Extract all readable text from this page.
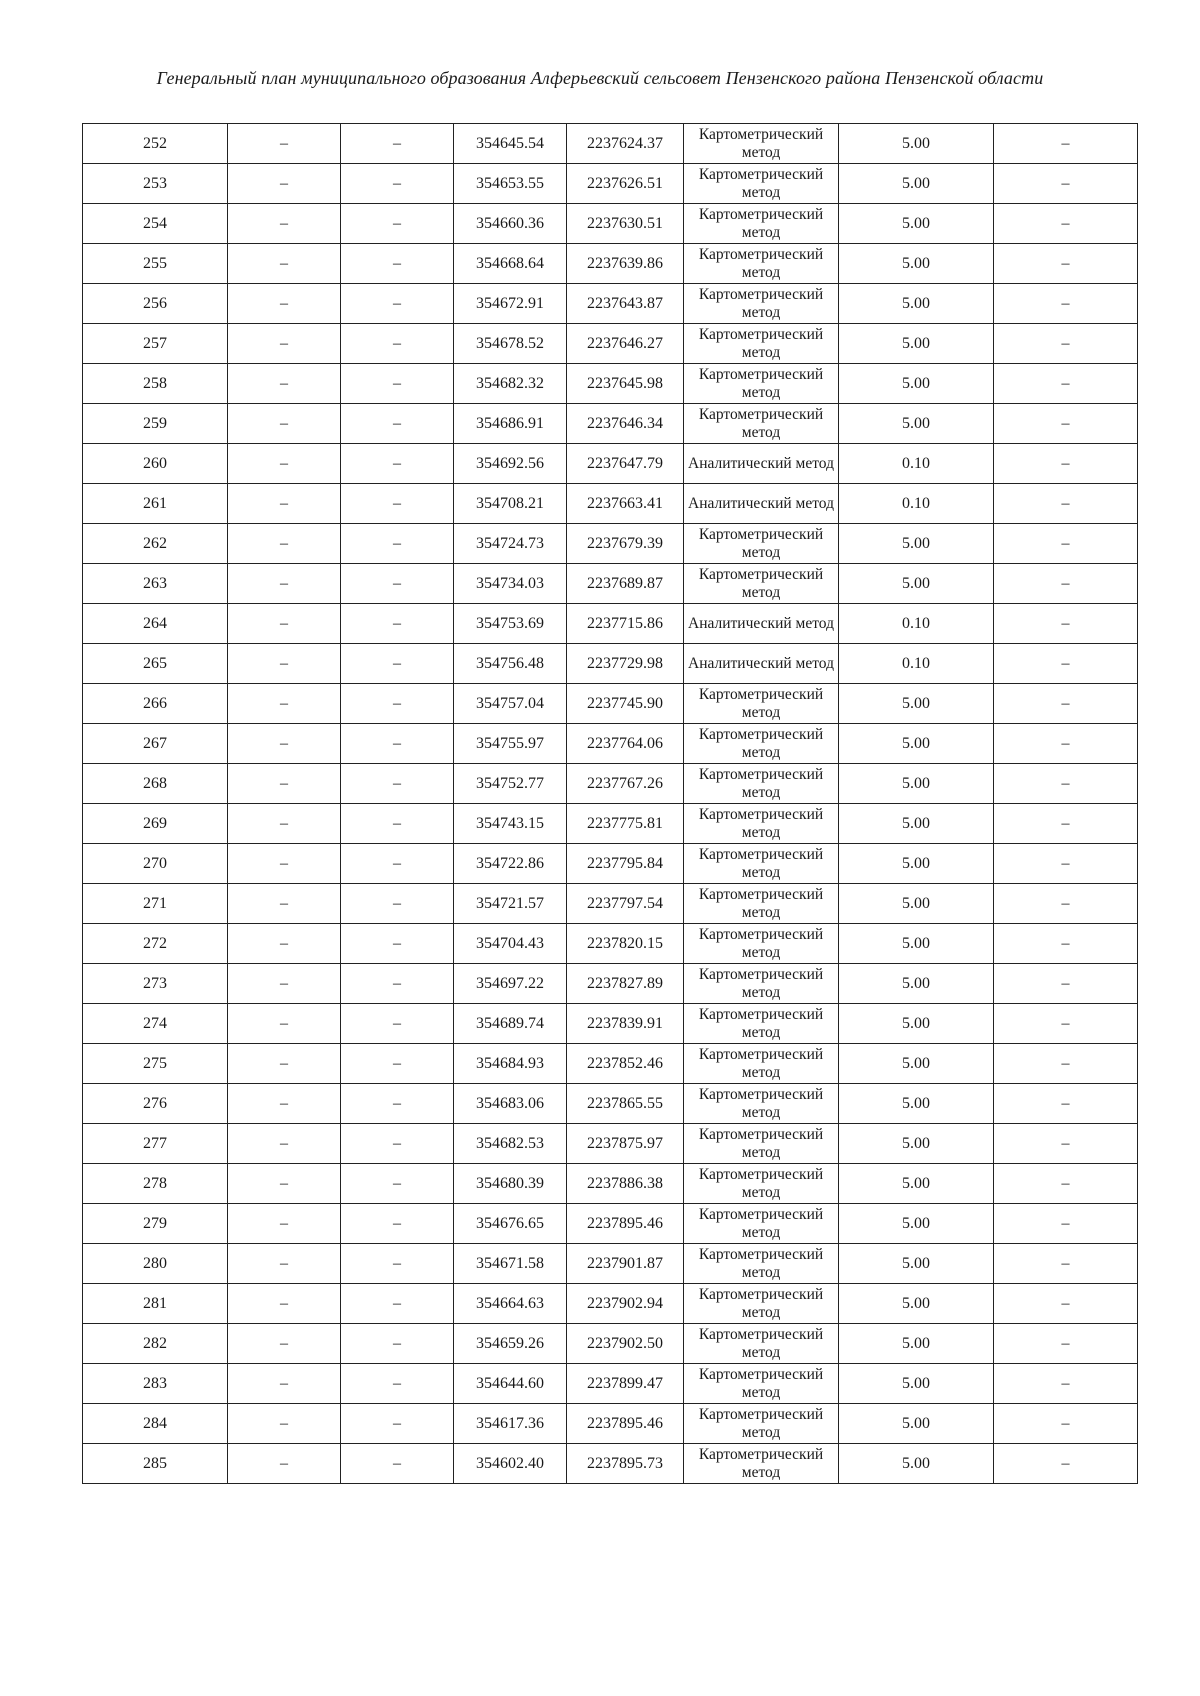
Генеральный план муниципального образования Алферьевский сельсовет Пензенского района Пензенской области
252	–	–	354645.54	2237624.37	Картометрический метод	5.00	–
253	–	–	354653.55	2237626.51	Картометрический метод	5.00	–
254	–	–	354660.36	2237630.51	Картометрический метод	5.00	–
255	–	–	354668.64	2237639.86	Картометрический метод	5.00	–
256	–	–	354672.91	2237643.87	Картометрический метод	5.00	–
257	–	–	354678.52	2237646.27	Картометрический метод	5.00	–
258	–	–	354682.32	2237645.98	Картометрический метод	5.00	–
259	–	–	354686.91	2237646.34	Картометрический метод	5.00	–
260	–	–	354692.56	2237647.79	Аналитический метод	0.10	–
261	–	–	354708.21	2237663.41	Аналитический метод	0.10	–
262	–	–	354724.73	2237679.39	Картометрический метод	5.00	–
263	–	–	354734.03	2237689.87	Картометрический метод	5.00	–
264	–	–	354753.69	2237715.86	Аналитический метод	0.10	–
265	–	–	354756.48	2237729.98	Аналитический метод	0.10	–
266	–	–	354757.04	2237745.90	Картометрический метод	5.00	–
267	–	–	354755.97	2237764.06	Картометрический метод	5.00	–
268	–	–	354752.77	2237767.26	Картометрический метод	5.00	–
269	–	–	354743.15	2237775.81	Картометрический метод	5.00	–
270	–	–	354722.86	2237795.84	Картометрический метод	5.00	–
271	–	–	354721.57	2237797.54	Картометрический метод	5.00	–
272	–	–	354704.43	2237820.15	Картометрический метод	5.00	–
273	–	–	354697.22	2237827.89	Картометрический метод	5.00	–
274	–	–	354689.74	2237839.91	Картометрический метод	5.00	–
275	–	–	354684.93	2237852.46	Картометрический метод	5.00	–
276	–	–	354683.06	2237865.55	Картометрический метод	5.00	–
277	–	–	354682.53	2237875.97	Картометрический метод	5.00	–
278	–	–	354680.39	2237886.38	Картометрический метод	5.00	–
279	–	–	354676.65	2237895.46	Картометрический метод	5.00	–
280	–	–	354671.58	2237901.87	Картометрический метод	5.00	–
281	–	–	354664.63	2237902.94	Картометрический метод	5.00	–
282	–	–	354659.26	2237902.50	Картометрический метод	5.00	–
283	–	–	354644.60	2237899.47	Картометрический метод	5.00	–
284	–	–	354617.36	2237895.46	Картометрический метод	5.00	–
285	–	–	354602.40	2237895.73	Картометрический метод	5.00	–
